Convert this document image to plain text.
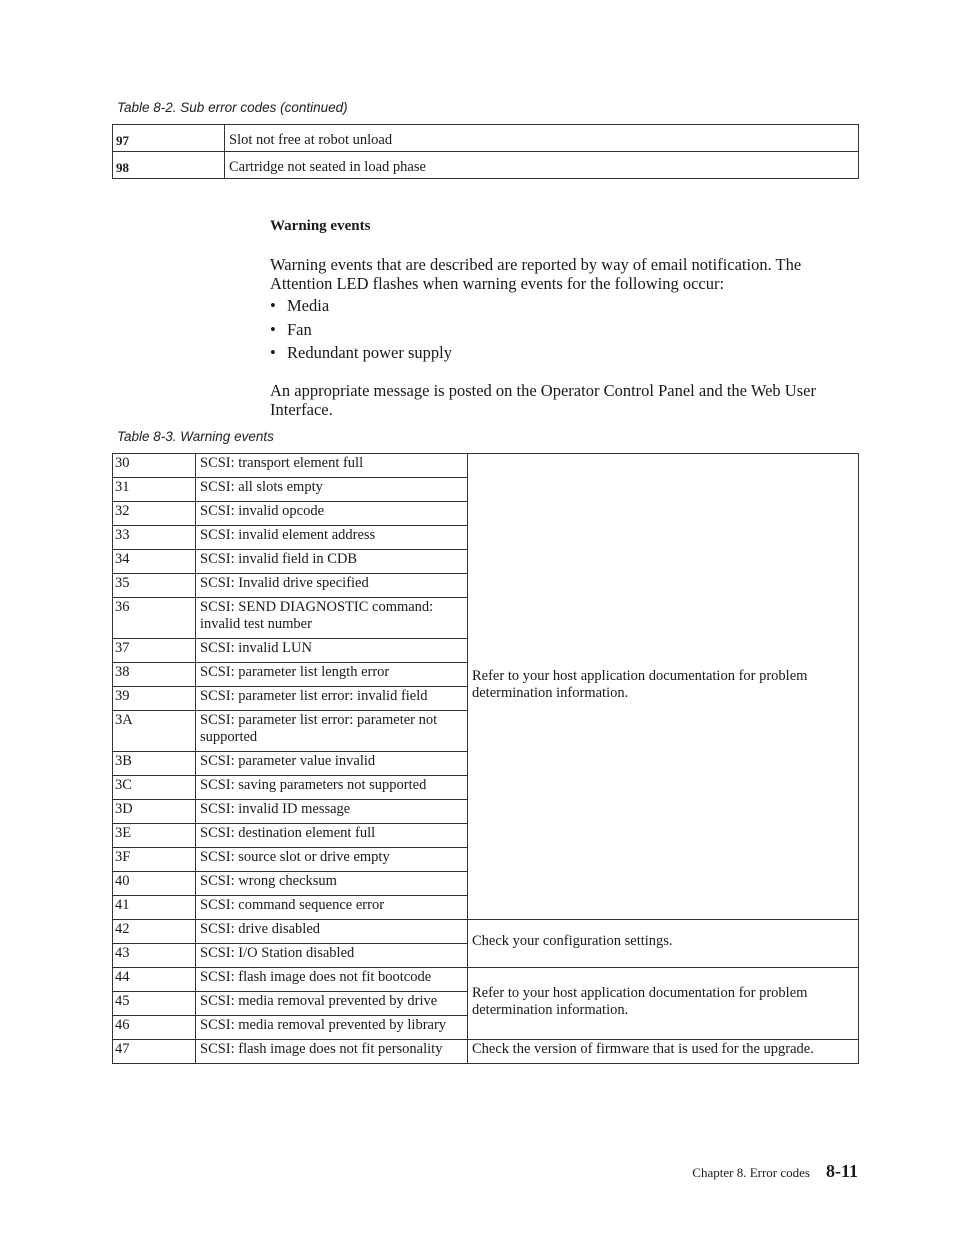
Table 8-2. Sub error codes (continued)
97	Slot not free at robot unload
98	Cartridge not seated in load phase
Warning events

Warning events that are described are reported by way of email notification. The Attention LED flashes when warning events for the following occur:

• Media
• Fan
• Redundant power supply

An appropriate message is posted on the Operator Control Panel and the Web User Interface.

Table 8-3. Warning events
30	SCSI: transport element full	Refer to your host application documentation for problem determination information.
31	SCSI: all slots empty	
32	SCSI: invalid opcode	
33	SCSI: invalid element address	
34	SCSI: invalid field in CDB	
35	SCSI: Invalid drive specified	
36	SCSI: SEND DIAGNOSTIC command: invalid test number	
37	SCSI: invalid LUN	
38	SCSI: parameter list length error	
39	SCSI: parameter list error: invalid field	
3A	SCSI: parameter list error: parameter not supported	
3B	SCSI: parameter value invalid	
3C	SCSI: saving parameters not supported	
3D	SCSI: invalid ID message	
3E	SCSI: destination element full	
3F	SCSI: source slot or drive empty	
40	SCSI: wrong checksum	
41	SCSI: command sequence error	
42	SCSI: drive disabled	Check your configuration settings.
43	SCSI: I/O Station disabled	
44	SCSI: flash image does not fit bootcode	Refer to your host application documentation for problem determination information.
45	SCSI: media removal prevented by drive	
46	SCSI: media removal prevented by library	
47	SCSI: flash image does not fit personality	Check the version of firmware that is used for the upgrade.
Chapter 8. Error codes 8-11
